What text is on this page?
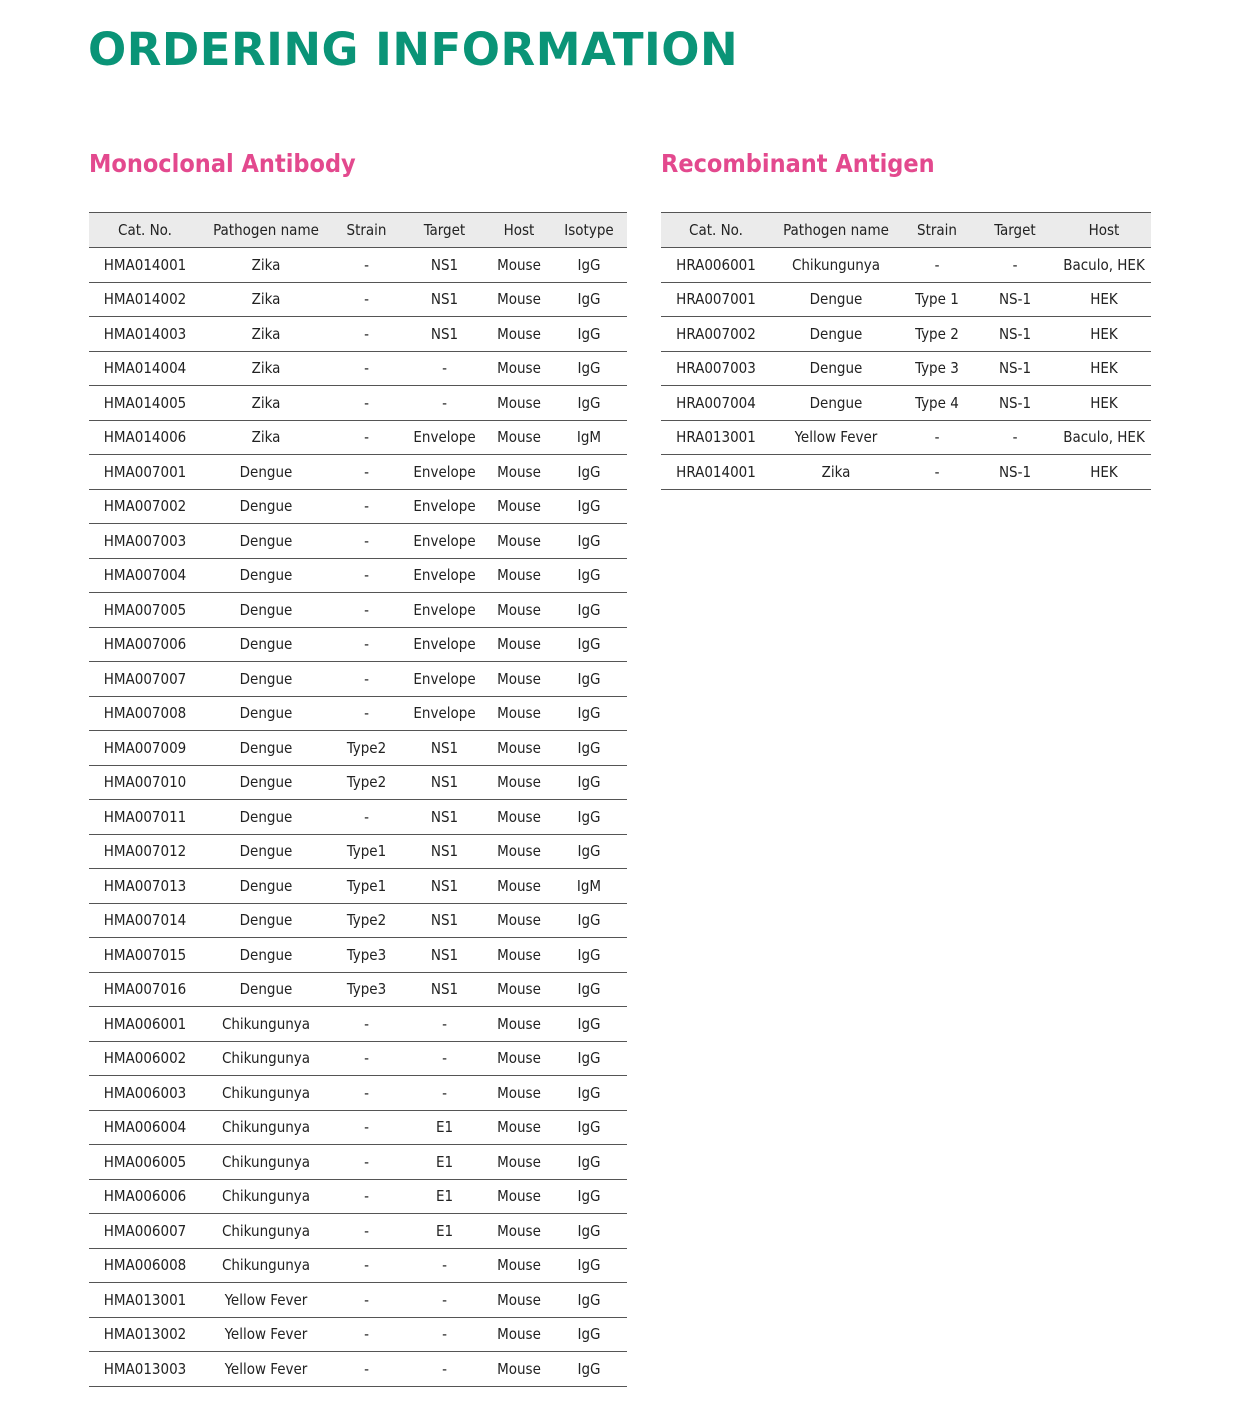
ORDERING INFORMATION
Monoclonal Antibody	Recombinant Antigen
Cat. No.	Pathogen name	Strain	Target	Host	Isotype
HMA014001	Zika	-	NS1	Mouse	IgG
HMA014002	Zika	-	NS1	Mouse	IgG
HMA014003	Zika	-	NS1	Mouse	IgG
HMA014004	Zika	-	-	Mouse	IgG
HMA014005	Zika	-	-	Mouse	IgG
HMA014006	Zika	-	Envelope	Mouse	IgM
HMA007001	Dengue	-	Envelope	Mouse	IgG
HMA007002	Dengue	-	Envelope	Mouse	IgG
HMA007003	Dengue	-	Envelope	Mouse	IgG
HMA007004	Dengue	-	Envelope	Mouse	IgG
HMA007005	Dengue	-	Envelope	Mouse	IgG
HMA007006	Dengue	-	Envelope	Mouse	IgG
HMA007007	Dengue	-	Envelope	Mouse	IgG
HMA007008	Dengue	-	Envelope	Mouse	IgG
HMA007009	Dengue	Type2	NS1	Mouse	IgG
HMA007010	Dengue	Type2	NS1	Mouse	IgG
HMA007011	Dengue	-	NS1	Mouse	IgG
HMA007012	Dengue	Type1	NS1	Mouse	IgG
HMA007013	Dengue	Type1	NS1	Mouse	IgM
HMA007014	Dengue	Type2	NS1	Mouse	IgG
HMA007015	Dengue	Type3	NS1	Mouse	IgG
HMA007016	Dengue	Type3	NS1	Mouse	IgG
HMA006001	Chikungunya	-	-	Mouse	IgG
HMA006002	Chikungunya	-	-	Mouse	IgG
HMA006003	Chikungunya	-	-	Mouse	IgG
HMA006004	Chikungunya	-	E1	Mouse	IgG
HMA006005	Chikungunya	-	E1	Mouse	IgG
HMA006006	Chikungunya	-	E1	Mouse	IgG
HMA006007	Chikungunya	-	E1	Mouse	IgG
HMA006008	Chikungunya	-	-	Mouse	IgG
HMA013001	Yellow Fever	-	-	Mouse	IgG
HMA013002	Yellow Fever	-	-	Mouse	IgG
HMA013003	Yellow Fever	-	-	Mouse	IgG
Cat. No.	Pathogen name	Strain	Target	Host
HRA006001	Chikungunya	-	-	Baculo, HEK
HRA007001	Dengue	Type 1	NS-1	HEK
HRA007002	Dengue	Type 2	NS-1	HEK
HRA007003	Dengue	Type 3	NS-1	HEK
HRA007004	Dengue	Type 4	NS-1	HEK
HRA013001	Yellow Fever	-	-	Baculo, HEK
HRA014001	Zika	-	NS-1	HEK
